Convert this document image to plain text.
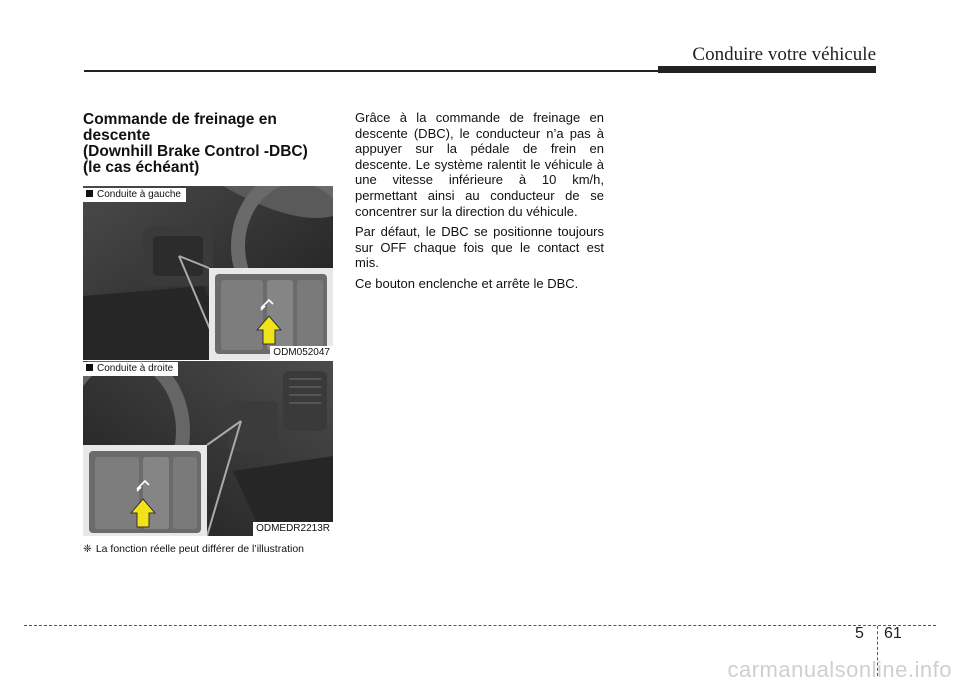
Conduire votre véhicule
Commande de freinage en
descente
(Downhill Brake Control -DBC)
(le cas échéant)
Conduite à gauche
ODM052047
Conduite à droite
ODMEDR2213R
❈ La fonction réelle peut différer de l’illustration

Grâce à la commande de freinage en descente (DBC), le conducteur n’a pas à appuyer sur la pédale de frein en descente. Le système ralentit le véhicule à une vitesse inférieure à 10 km/h, permettant ainsi au conducteur de se concentrer sur la direction du véhicule.

Par défaut, le DBC se positionne toujours sur OFF chaque fois que le contact est mis.

Ce bouton enclenche et arrête le DBC.

5 61
carmanualsonline.info
